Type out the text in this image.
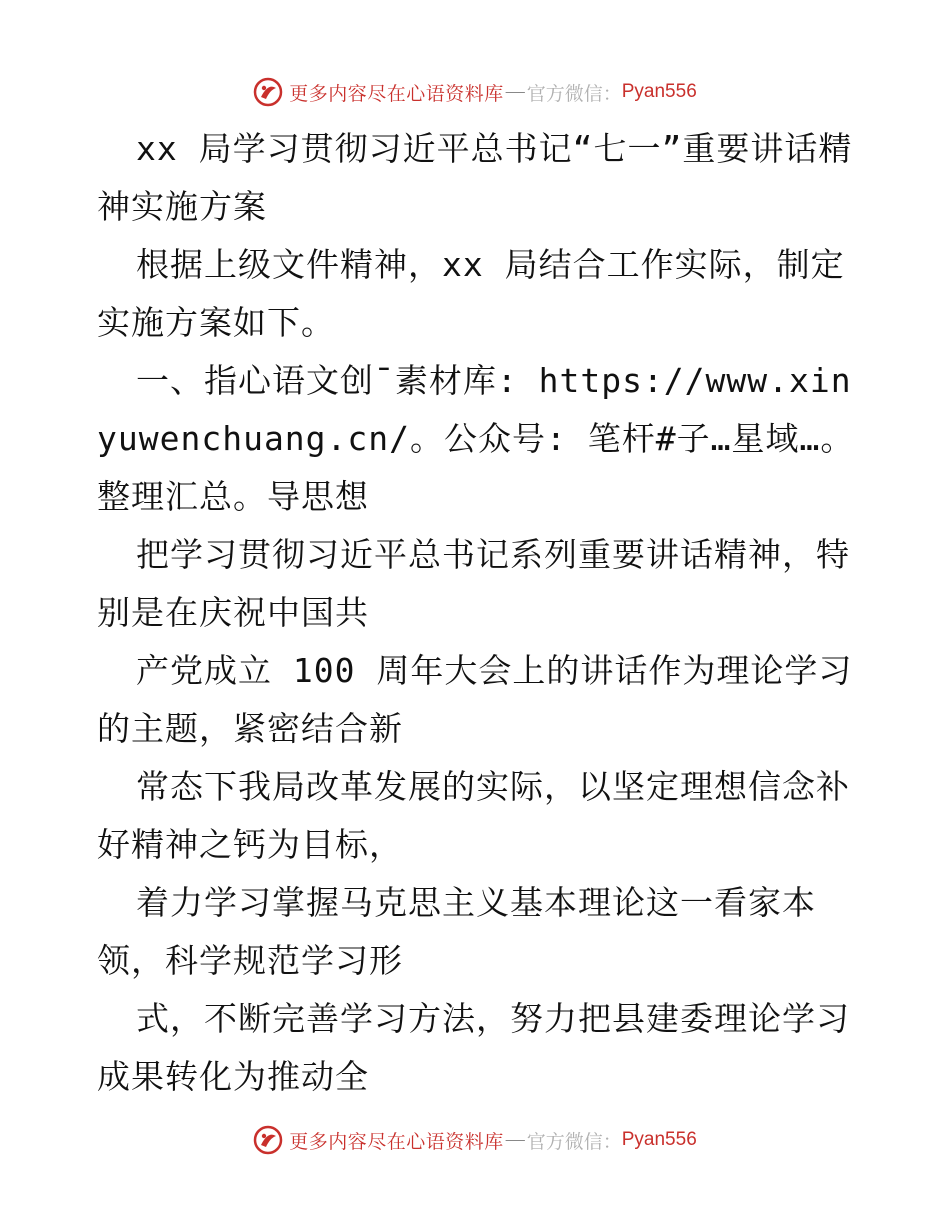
更多内容尽在心语资料库 — 官方微信： Pyan556

xx 局学习贯彻习近平总书记“七一”重要讲话精神实施方案

根据上级文件精神，xx 局结合工作实际，制定实施方案如下。

一、指心语文创¯素材库: https://www.xinyuwenchuang.cn/。公众号: 笔杆#子…星域…。整理汇总。导思想

把学习贯彻习近平总书记系列重要讲话精神，特别是在庆祝中国共

产党成立 100 周年大会上的讲话作为理论学习的主题，紧密结合新

常态下我局改革发展的实际，以坚定理想信念补好精神之钙为目标，

着力学习掌握马克思主义基本理论这一看家本领，科学规范学习形

式，不断完善学习方法，努力把县建委理论学习成果转化为推动全

更多内容尽在心语资料库 — 官方微信： Pyan556
